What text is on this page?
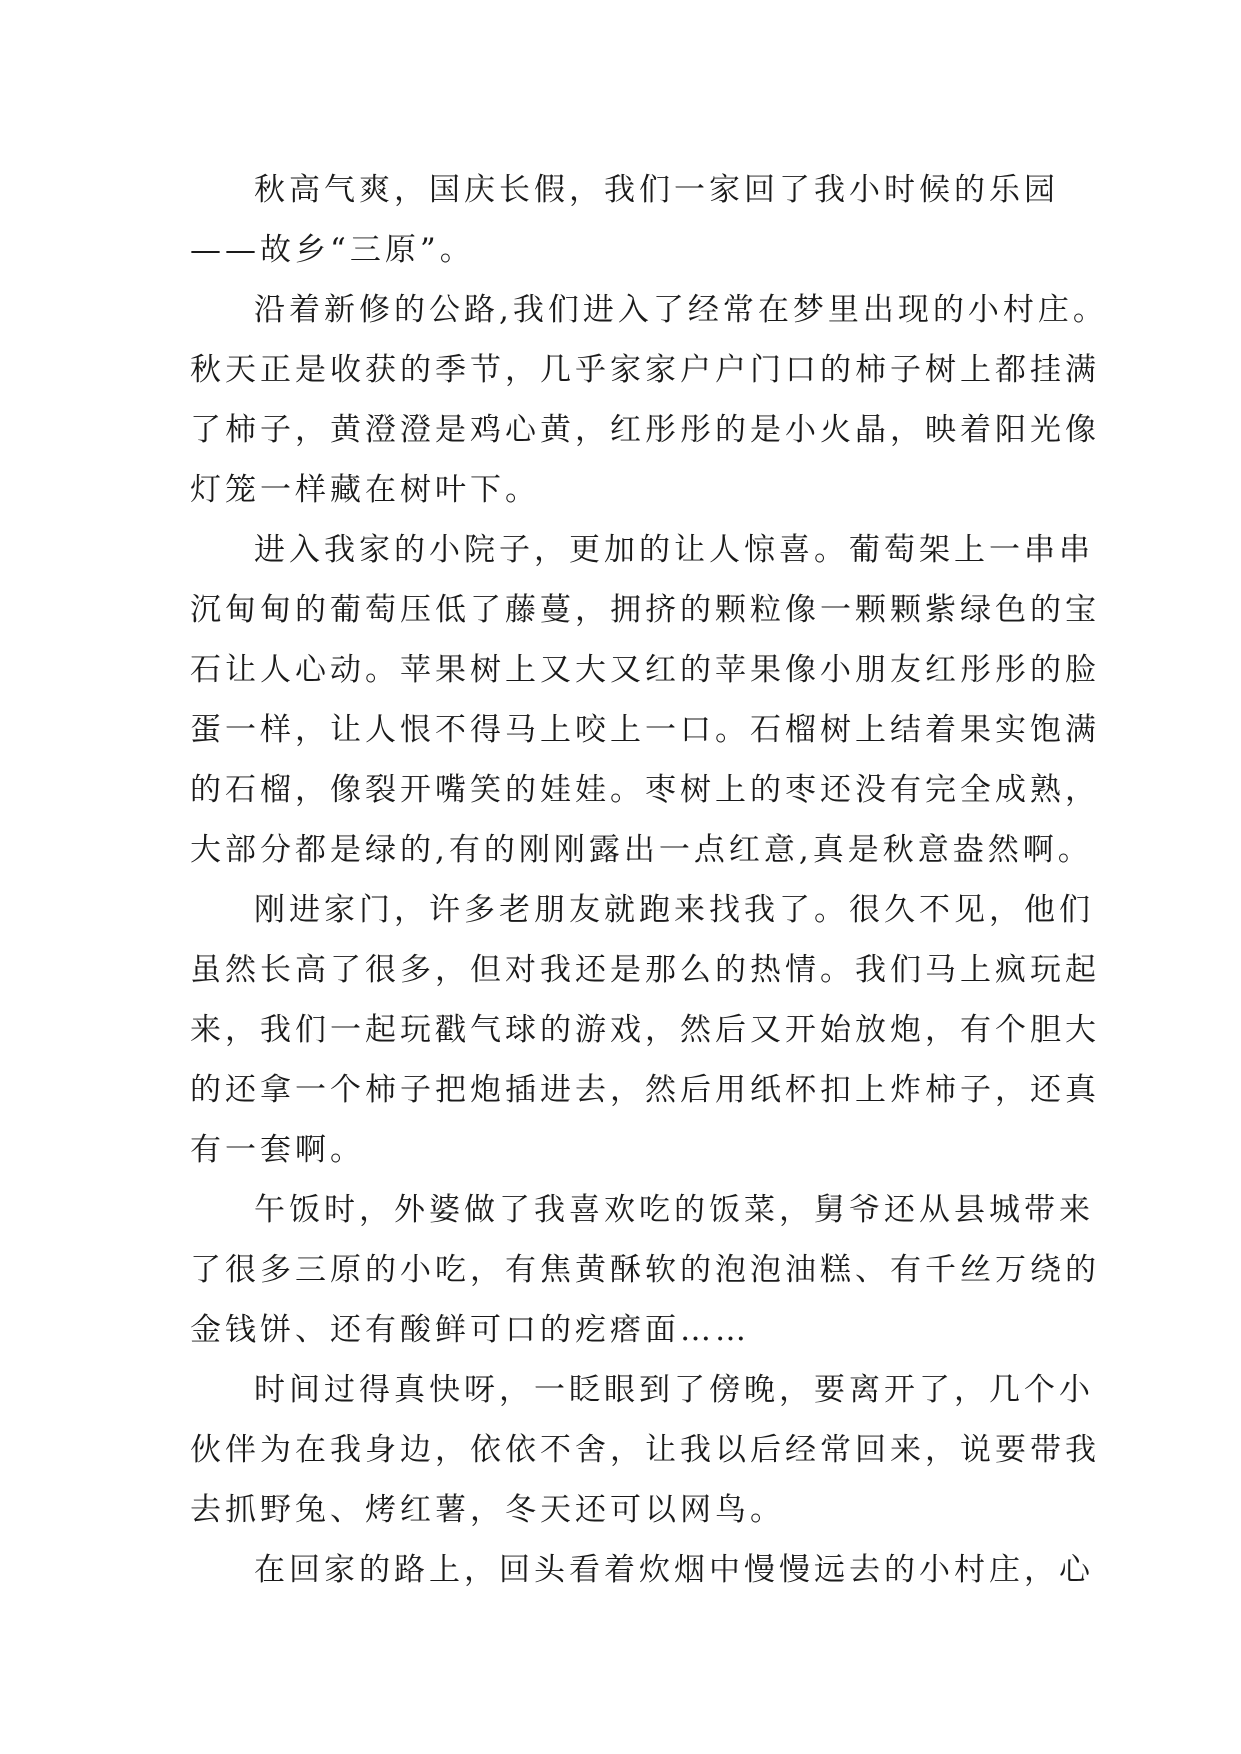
秋高气爽，国庆长假，我们一家回了我小时候的乐园
——故乡“三原”。
沿着新修的公路,我们进入了经常在梦里出现的小村庄。
秋天正是收获的季节，几乎家家户户门口的柿子树上都挂满
了柿子，黄澄澄是鸡心黄，红彤彤的是小火晶，映着阳光像
灯笼一样藏在树叶下。
进入我家的小院子，更加的让人惊喜。葡萄架上一串串
沉甸甸的葡萄压低了藤蔓，拥挤的颗粒像一颗颗紫绿色的宝
石让人心动。苹果树上又大又红的苹果像小朋友红彤彤的脸
蛋一样，让人恨不得马上咬上一口。石榴树上结着果实饱满
的石榴，像裂开嘴笑的娃娃。枣树上的枣还没有完全成熟，
大部分都是绿的,有的刚刚露出一点红意,真是秋意盎然啊。
刚进家门，许多老朋友就跑来找我了。很久不见，他们
虽然长高了很多，但对我还是那么的热情。我们马上疯玩起
来，我们一起玩戳气球的游戏，然后又开始放炮，有个胆大
的还拿一个柿子把炮插进去，然后用纸杯扣上炸柿子，还真
有一套啊。
午饭时，外婆做了我喜欢吃的饭菜，舅爷还从县城带来
了很多三原的小吃，有焦黄酥软的泡泡油糕、有千丝万绕的
金钱饼、还有酸鲜可口的疙瘩面……
时间过得真快呀，一眨眼到了傍晚，要离开了，几个小
伙伴为在我身边，依依不舍，让我以后经常回来，说要带我
去抓野兔、烤红薯，冬天还可以网鸟。
在回家的路上，回头看着炊烟中慢慢远去的小村庄，心
